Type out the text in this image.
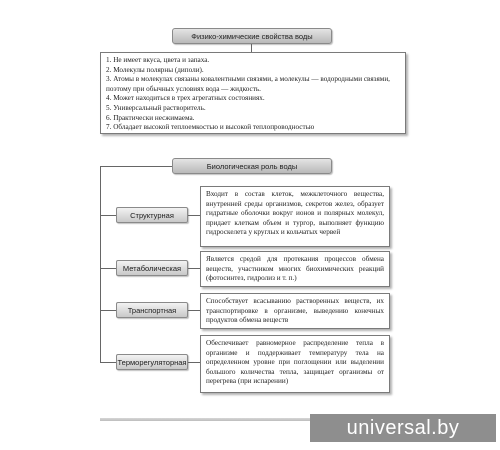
Физико-химические свойства воды
1. Не имеет вкуса, цвета и запаха.
2. Молекулы полярны (диполи).
3. Атомы в молекулах связаны ковалентными связями, а молекулы — водородными связями, поэтому при обычных условиях вода — жидкость.
4. Может находиться в трех агрегатных состояниях.
5. Универсальный растворитель.
6. Практически несжимаема.
7. Обладает высокой теплоемкостью и высокой теплопроводностью
Биологическая роль воды
Структурная
Входит в состав клеток, межклеточного вещества, внутренней среды организмов, секретов желез, образует гидратные оболочки вокруг ионов и полярных молекул, придает клеткам объем и тургор, выполняет функцию гидроскелета у круглых и кольчатых червей
Метаболическая
Является средой для протекания процессов обмена веществ, участником многих биохимических реакций (фотосинтез, гидролиз и т. п.)
Транспортная
Способствует всасыванию растворенных веществ, их транспортировке в организме, выведению конечных продуктов обмена веществ
Терморегуляторная
Обеспечивает равномерное распределение тепла в организме и поддерживает температуру тела на определенном уровне при поглощении или выделении большого количества тепла, защищает организмы от перегрева (при испарении)
universal.by
